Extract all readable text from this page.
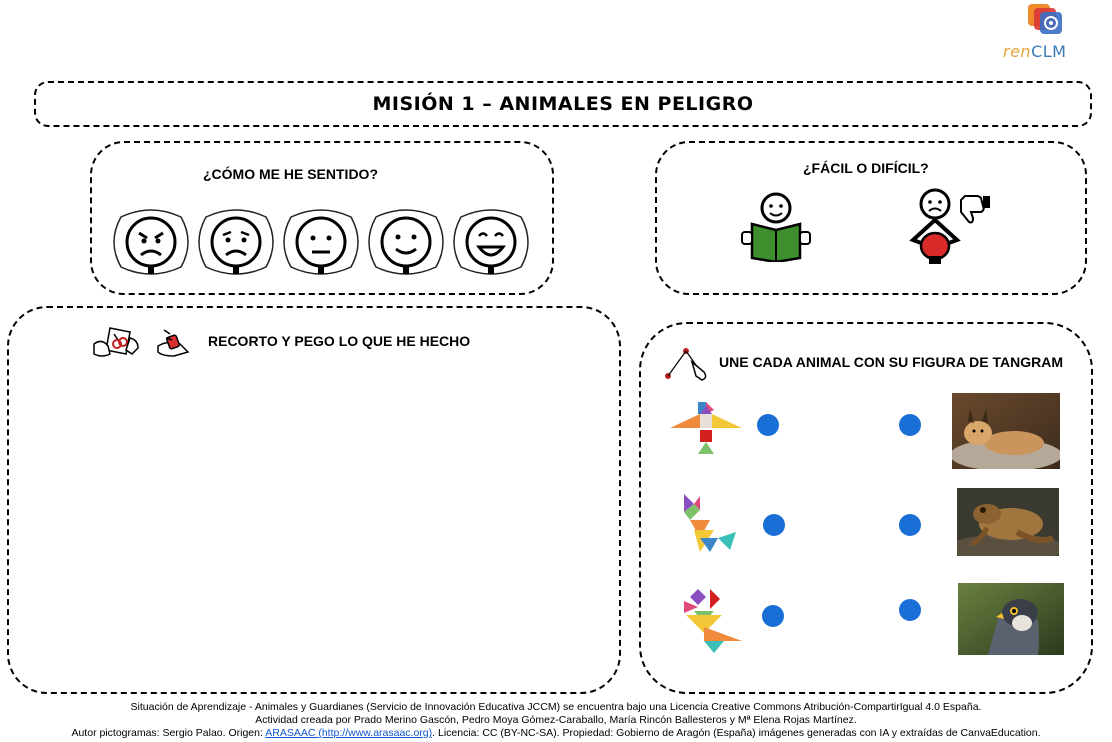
renCLM
MISIÓN 1 – ANIMALES EN PELIGRO
¿CÓMO ME HE SENTIDO?	¿FÁCIL O DIFÍCIL?
RECORTO Y PEGO LO QUE HE HECHO
UNE CADA ANIMAL CON SU FIGURA DE TANGRAM
Situación de Aprendizaje - Animales y Guardianes (Servicio de Innovación Educativa JCCM) se encuentra bajo una Licencia Creative Commons Atribución-CompartirIgual 4.0 España.
Actividad creada por Prado Merino Gascón, Pedro Moya Gómez-Caraballo, María Rincón Ballesteros y Mª Elena Rojas Martínez.
Autor pictogramas: Sergio Palao. Origen: ARASAAC (http://www.arasaac.org). Licencia: CC (BY-NC-SA). Propiedad: Gobierno de Aragón (España) imágenes generadas con IA y extraídas de CanvaEducation.
